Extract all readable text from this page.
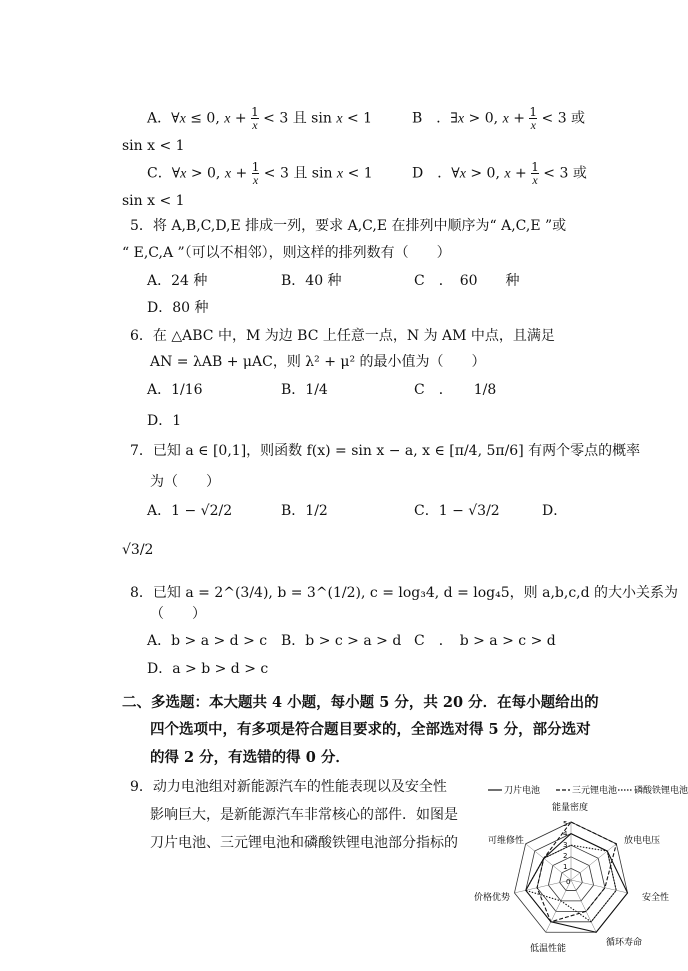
A．∀x ≤ 0, $x + \frac{1}{x} < 3$ 且 sin x < 1	B　．∃x > 0, $x + \frac{1}{x} < 3$ 或
sin x < 1
C．∀x > 0, $x + \frac{1}{x} < 3$ 且 sin x < 1	D　．∀x > 0, $x + \frac{1}{x} < 3$ 或
sin x < 1
5．将 A,B,C,D,E 排成一列，要求 A,C,E 在排列中顺序为“ A,C,E ”或
“ E,C,A ”（可以不相邻），则这样的排列数有（　　）
A．24 种	B．40 种	C　．　60　　种
D．80 种
6．在 △ABC 中，M 为边 BC 上任意一点，N 为 AM 中点，且满足
AN = λAB + μAC，则 λ² + μ² 的最小值为（　　）
A．1/16	B．1/4	C　．　　1/8
D．1
7．已知 a ∈ [0,1]，则函数 f(x) = sin x − a, x ∈ [π/4, 5π/6] 有两个零点的概率
为（　　）
A．1 − √2/2	B．1/2	C．1 − √3/2	D．
√3/2
8．已知 a = 2^(3/4), b = 3^(1/2), c = log₃4, d = log₄5，则 a,b,c,d 的大小关系为
（　　）
A．b > a > d > c B．b > c > a > d C　．　b > a > c > d
D．a > b > d > c
二、多选题：本大题共 4 小题，每小题 5 分，共 20 分．在每小题给出的
四个选项中，有多项是符合题目要求的，全部选对得 5 分，部分选对
的得 2 分，有选错的得 0 分．
9．动力电池组对新能源汽车的性能表现以及安全性
影响巨大，是新能源汽车非常核心的部件．如图是
刀片电池、三元锂电池和磷酸铁锂电池部分指标的
刀片电池	三元锂电池 磷酸铁锂电池
能量密度
放电电压
安全性
循环寿命
低温性能
价格优势
可维修性
5
4
3
2
1
0
